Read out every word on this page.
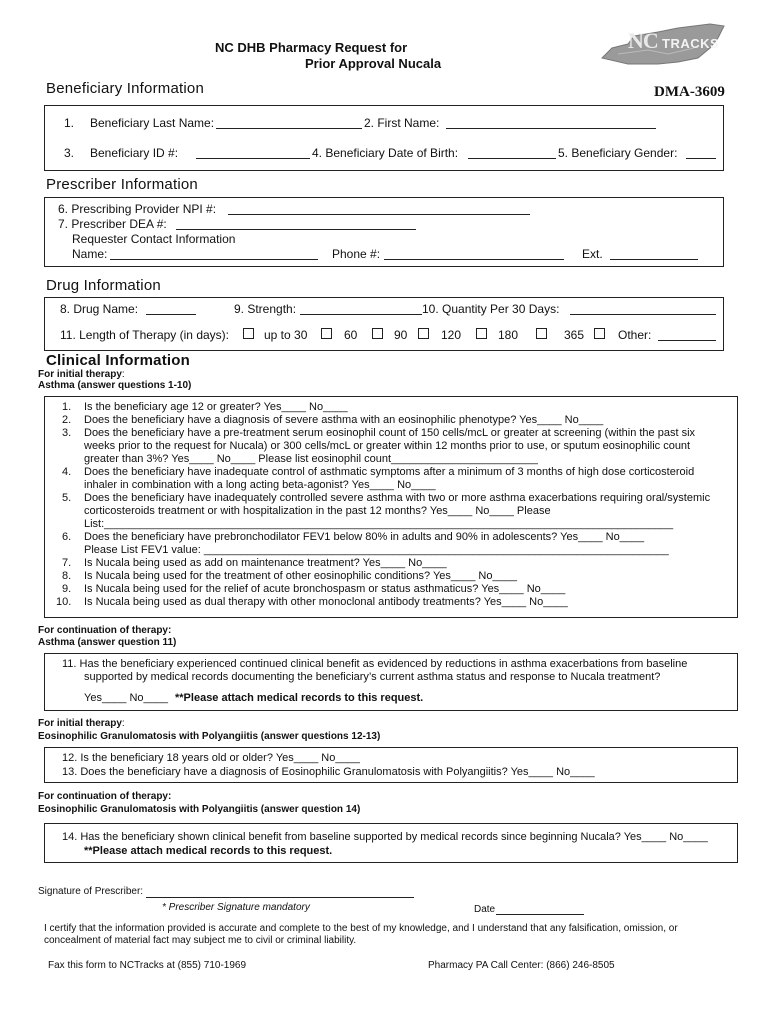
NC DHB Pharmacy Request for
Prior Approval Nucala
NC TRACKS
Beneficiary Information	DMA-3609
1. Beneficiary Last Name:	2. First Name:
3. Beneficiary ID #:	4. Beneficiary Date of Birth:	5. Beneficiary Gender:
Prescriber Information
6. Prescribing Provider NPI #:
7. Prescriber DEA #:
Requester Contact Information
Name:	Phone #:	Ext.
Drug Information
8. Drug Name:	9. Strength:	10. Quantity Per 30 Days:
11. Length of Therapy (in days):	up to 30	60	90	120	180	365	Other:
Clinical Information
For initial therapy:
Asthma (answer questions 1-10)
1. Is the beneficiary age 12 or greater? Yes____ No____
2. Does the beneficiary have a diagnosis of severe asthma with an eosinophilic phenotype? Yes____ No____
3. Does the beneficiary have a pre-treatment serum eosinophil count of 150 cells/mcL or greater at screening (within the past six
weeks prior to the request for Nucala) or 300 cells/mcL or greater within 12 months prior to use, or sputum eosinophilic count
greater than 3%? Yes____ No____ Please list eosinophil count________________________
4. Does the beneficiary have inadequate control of asthmatic symptoms after a minimum of 3 months of high dose corticosteroid
inhaler in combination with a long acting beta-agonist? Yes____ No____
5. Does the beneficiary have inadequately controlled severe asthma with two or more asthma exacerbations requiring oral/systemic
corticosteroids treatment or with hospitalization in the past 12 months? Yes____ No____ Please
List:_____________________________________________________________________________________________
6. Does the beneficiary have prebronchodilator FEV1 below 80% in adults and 90% in adolescents? Yes____ No____
Please List FEV1 value: ____________________________________________________________________________
7. Is Nucala being used as add on maintenance treatment? Yes____ No____
8. Is Nucala being used for the treatment of other eosinophilic conditions? Yes____ No____
9. Is Nucala being used for the relief of acute bronchospasm or status asthmaticus? Yes____ No____
10. Is Nucala being used as dual therapy with other monoclonal antibody treatments? Yes____ No____
For continuation of therapy:
Asthma (answer question 11)
11. Has the beneficiary experienced continued clinical benefit as evidenced by reductions in asthma exacerbations from baseline
supported by medical records documenting the beneficiary’s current asthma status and response to Nucala treatment?
Yes____ No____ **Please attach medical records to this request.
For initial therapy:
Eosinophilic Granulomatosis with Polyangiitis (answer questions 12-13)
12. Is the beneficiary 18 years old or older? Yes____ No____
13. Does the beneficiary have a diagnosis of Eosinophilic Granulomatosis with Polyangiitis? Yes____ No____
For continuation of therapy:
Eosinophilic Granulomatosis with Polyangiitis (answer question 14)
14. Has the beneficiary shown clinical benefit from baseline supported by medical records since beginning Nucala? Yes____ No____
**Please attach medical records to this request.
Signature of Prescriber:
* Prescriber Signature mandatory	Date
I certify that the information provided is accurate and complete to the best of my knowledge, and I understand that any falsification, omission, or
concealment of material fact may subject me to civil or criminal liability.
Fax this form to NCTracks at (855) 710-1969	Pharmacy PA Call Center: (866) 246-8505
